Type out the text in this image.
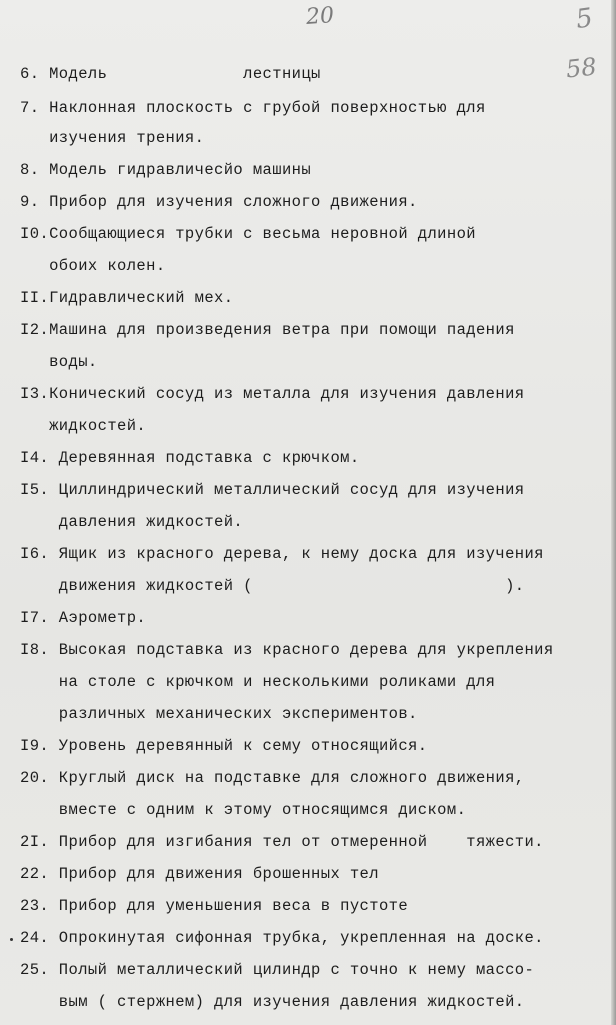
20	5
58
6. Модель              лестницы
7. Наклонная плоскость с грубой поверхностью для
изучения трения.
8. Модель гидравличесйо машины
9. Прибор для изучения сложного движения.
I0.Сообщающиеся трубки с весьма неровной длиной
обоих колен.
II.Гидравлический мех.
I2.Машина для произведения ветра при помощи падения
воды.
I3.Конический сосуд из металла для изучения давления
жидкостей.
I4. Деревянная подставка с крючком.
I5. Циллиндрический металлический сосуд для изучения
давления жидкостей.
I6. Ящик из красного дерева, к нему доска для изучения
движения жидкостей (                          ).
I7. Аэрометр.
I8. Высокая подставка из красного дерева для укрепления
на столе с крючком и несколькими роликами для
различных механических экспериментов.
I9. Уровень деревянный к сему относящийся.
20. Круглый диск на подставке для сложного движения,
вместе с одним к этому относящимся диском.
2I. Прибор для изгибания тел от отмеренной    тяжести.
22. Прибор для движения брошенных тел
23. Прибор для уменьшения веса в пустоте
24. Опрокинутая сифонная трубка, укрепленная на доске.
25. Полый металлический цилиндр с точно к нему массо-
вым ( стержнем) для изучения давления жидкостей.
